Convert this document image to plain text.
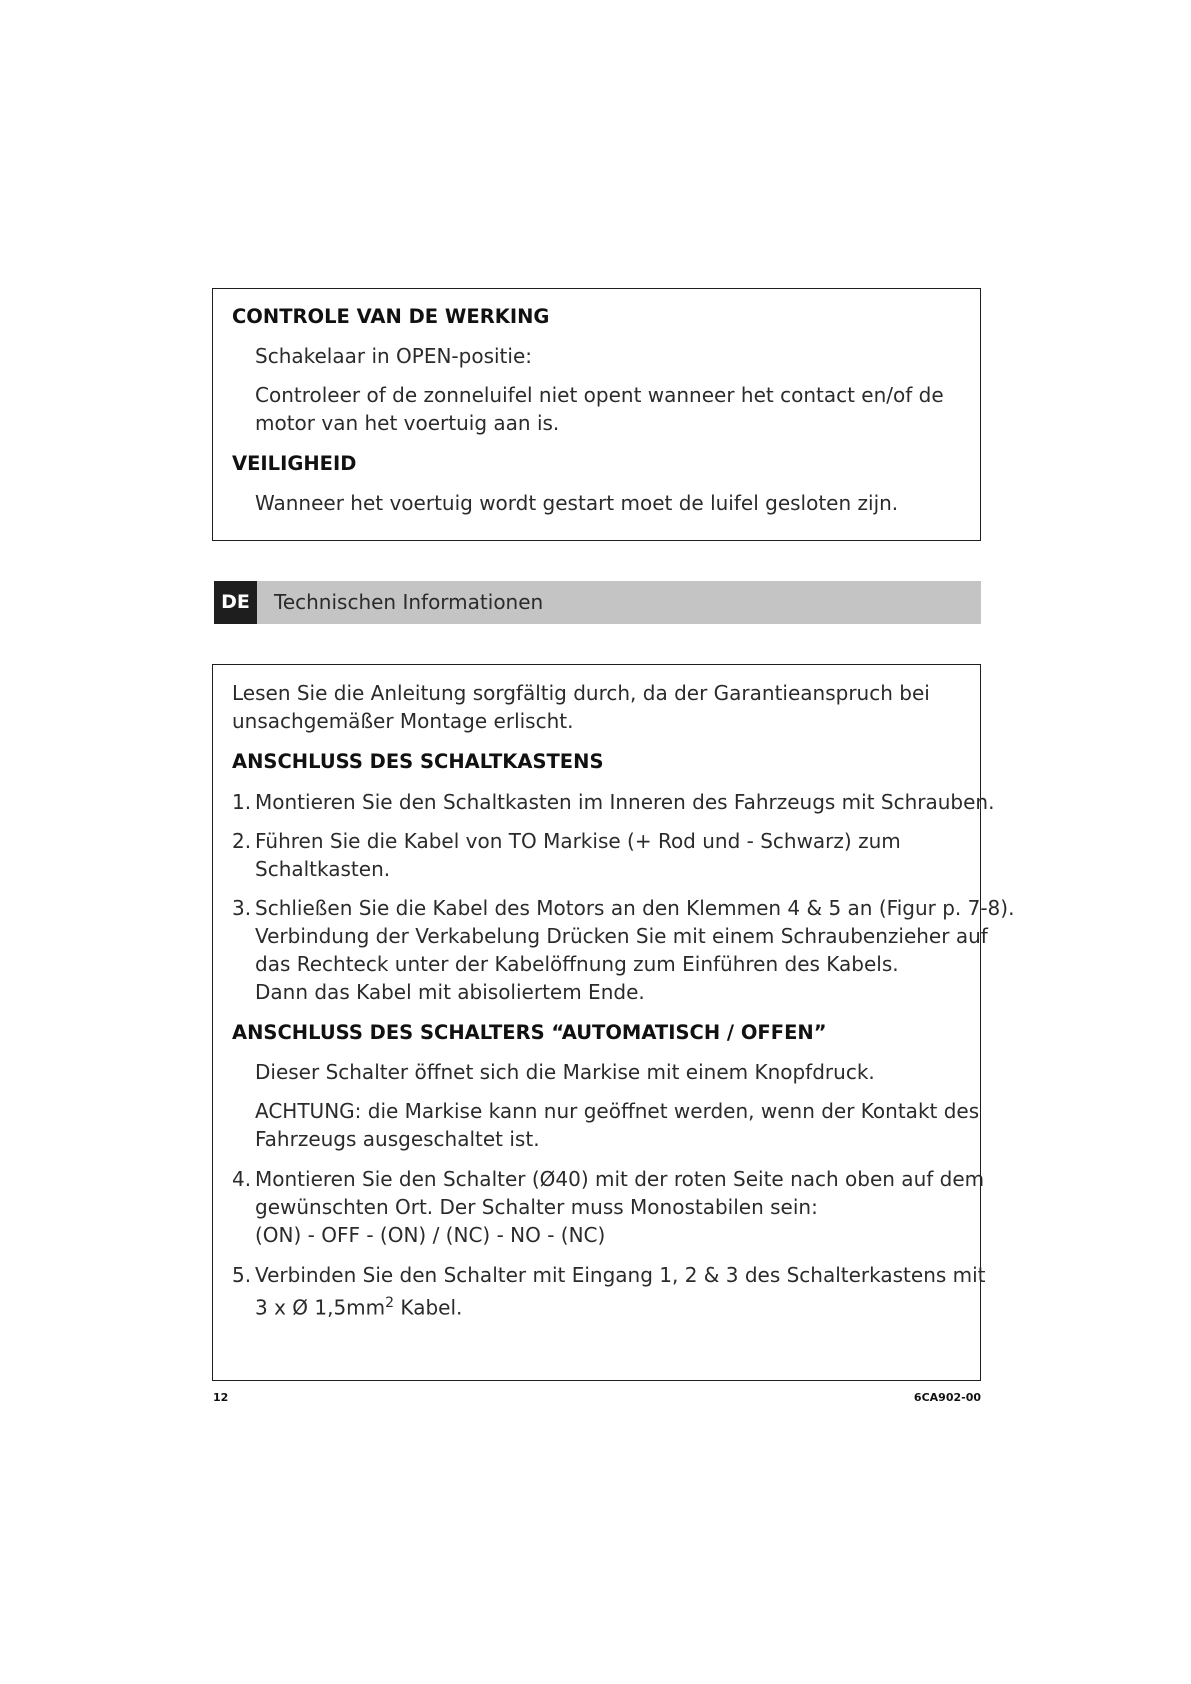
CONTROLE VAN DE WERKING

Schakelaar in OPEN-positie:

Controleer of de zonneluifel niet opent wanneer het contact en/of de

motor van het voertuig aan is.

VEILIGHEID

Wanneer het voertuig wordt gestart moet de luifel gesloten zijn.

DE	Technischen Informationen

Lesen Sie die Anleitung sorgfältig durch, da der Garantieanspruch bei

unsachgemäßer Montage erlischt.

ANSCHLUSS DES SCHALTKASTENS

1. Montieren Sie den Schaltkasten im Inneren des Fahrzeugs mit Schrauben.

2. Führen Sie die Kabel von TO Markise (+ Rod und - Schwarz) zum

Schaltkasten.

3. Schließen Sie die Kabel des Motors an den Klemmen 4 & 5 an (Figur p. 7-8).

Verbindung der Verkabelung Drücken Sie mit einem Schraubenzieher auf

das Rechteck unter der Kabelöffnung zum Einführen des Kabels.

Dann das Kabel mit abisoliertem Ende.

ANSCHLUSS DES SCHALTERS “AUTOMATISCH / OFFEN”

Dieser Schalter öffnet sich die Markise mit einem Knopfdruck.

ACHTUNG: die Markise kann nur geöffnet werden, wenn der Kontakt des

Fahrzeugs ausgeschaltet ist.

4. Montieren Sie den Schalter (Ø40) mit der roten Seite nach oben auf dem

gewünschten Ort. Der Schalter muss Monostabilen sein:

(ON) - OFF - (ON) / (NC) - NO - (NC)

5. Verbinden Sie den Schalter mit Eingang 1, 2 & 3 des Schalterkastens mit

3 x Ø $1,5mm^2$ Kabel.

12	6CA902-00
